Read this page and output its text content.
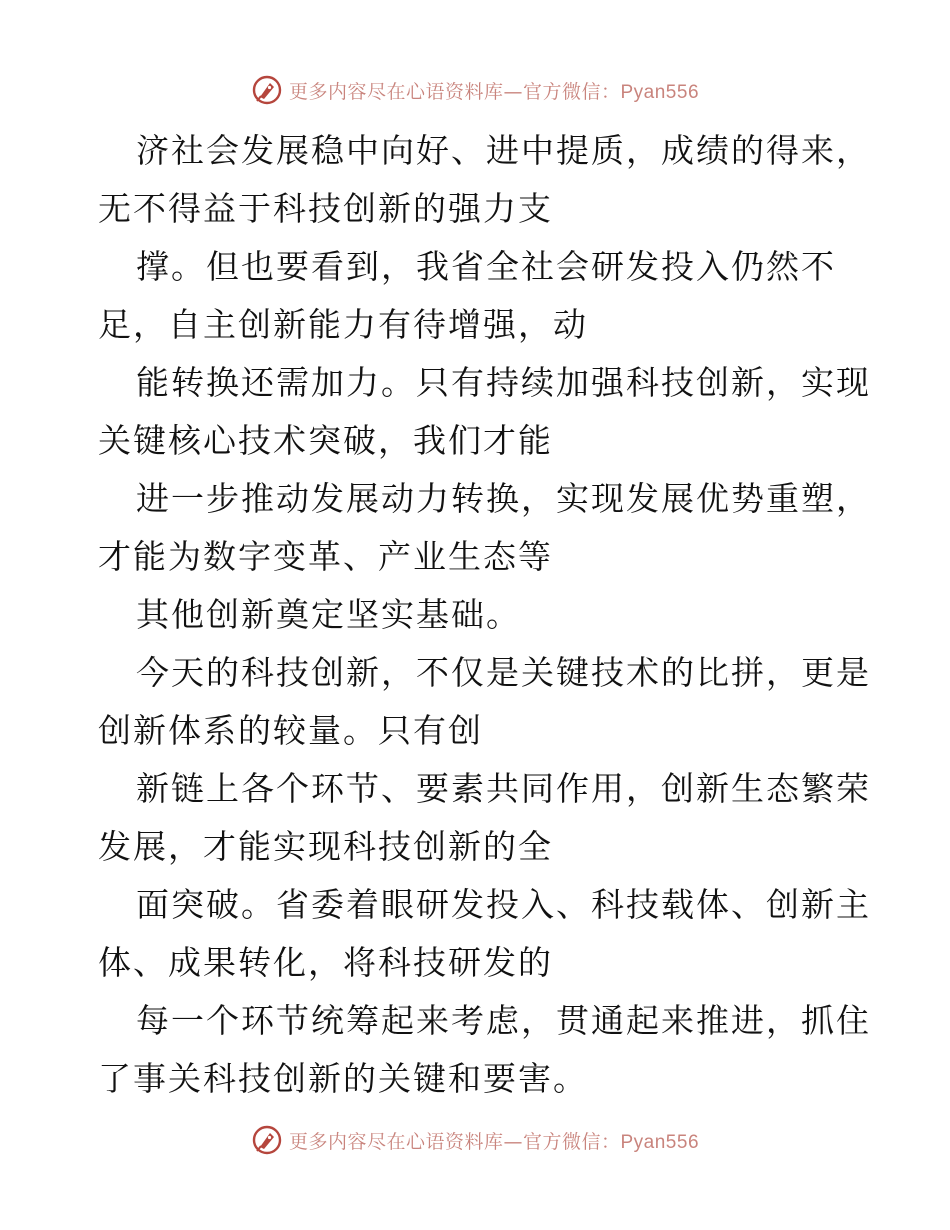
更多内容尽在心语资料库—官方微信：Pyan556

济社会发展稳中向好、进中提质，成绩的得来，
无不得益于科技创新的强力支
撑。但也要看到，我省全社会研发投入仍然不
足，自主创新能力有待增强，动
能转换还需加力。只有持续加强科技创新，实现
关键核心技术突破，我们才能
进一步推动发展动力转换，实现发展优势重塑，
才能为数字变革、产业生态等
其他创新奠定坚实基础。
今天的科技创新，不仅是关键技术的比拼，更是
创新体系的较量。只有创
新链上各个环节、要素共同作用，创新生态繁荣
发展，才能实现科技创新的全
面突破。省委着眼研发投入、科技载体、创新主
体、成果转化，将科技研发的
每一个环节统筹起来考虑，贯通起来推进，抓住
了事关科技创新的关键和要害。

更多内容尽在心语资料库—官方微信：Pyan556
